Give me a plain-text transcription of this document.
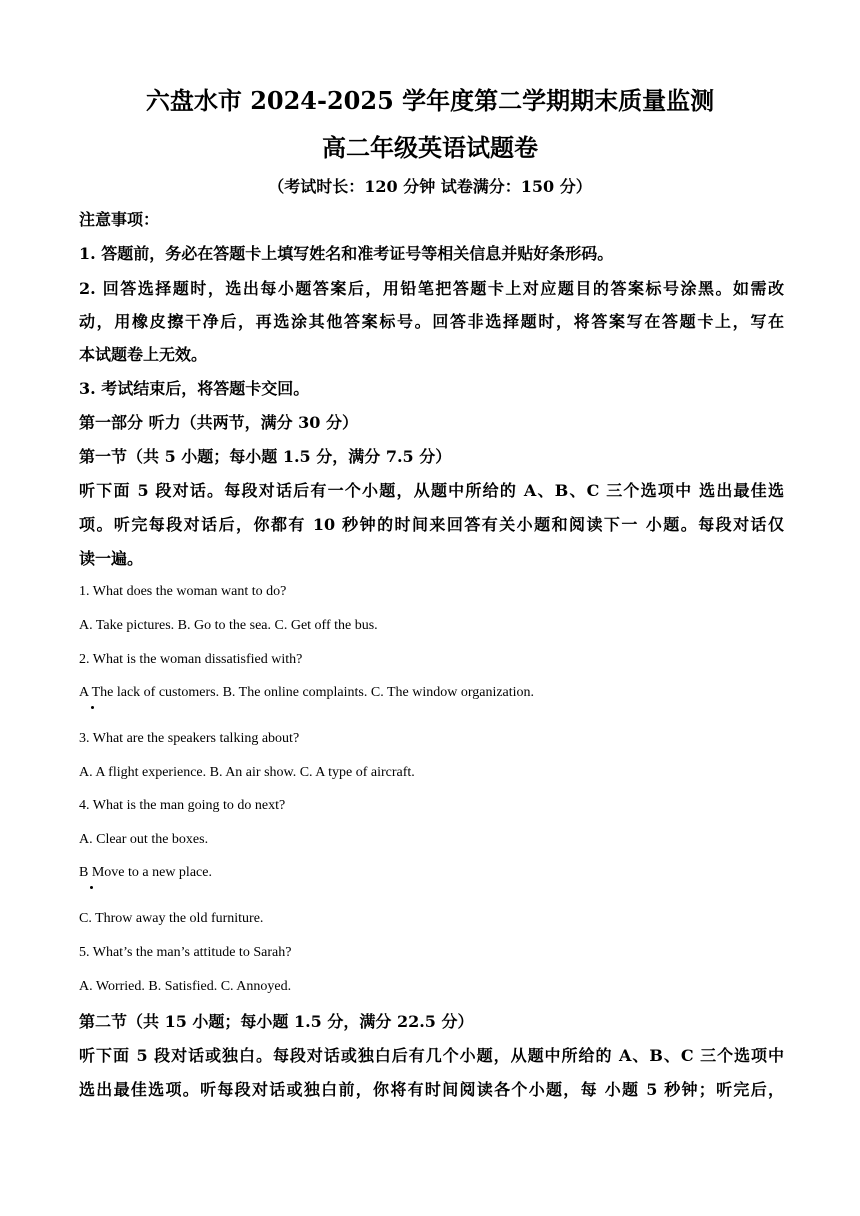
六盘水市 2024-2025 学年度第二学期期末质量监测
高二年级英语试题卷
（考试时长：120 分钟 试卷满分：150 分）
注意事项：
1. 答题前，务必在答题卡上填写姓名和准考证号等相关信息并贴好条形码。
2. 回答选择题时，选出每小题答案后，用铅笔把答题卡上对应题目的答案标号涂黑。如需改
动，用橡皮擦干净后，再选涂其他答案标号。回答非选择题时，将答案写在答题卡上，写在
本试题卷上无效。
3. 考试结束后，将答题卡交回。
第一部分 听力（共两节，满分 30 分）
第一节（共 5 小题；每小题 1.5 分，满分 7.5 分）
听下面 5 段对话。每段对话后有一个小题，从题中所给的 A、B、C 三个选项中 选出最佳选
项。听完每段对话后，你都有 10 秒钟的时间来回答有关小题和阅读下一 小题。每段对话仅
读一遍。
1. What does the woman want to do?
A. Take pictures. B. Go to the sea. C. Get off the bus.
2. What is the woman dissatisfied with?
A The lack of customers. B. The online complaints. C. The window organization.
3. What are the speakers talking about?
A. A flight experience. B. An air show. C. A type of aircraft.
4. What is the man going to do next?
A. Clear out the boxes.
B Move to a new place.
C. Throw away the old furniture.
5. What’s the man’s attitude to Sarah?
A. Worried. B. Satisfied. C. Annoyed.
第二节（共 15 小题；每小题 1.5 分，满分 22.5 分）
听下面 5 段对话或独白。每段对话或独白后有几个小题，从题中所给的 A、B、C 三个选项中
选出最佳选项。听每段对话或独白前，你将有时间阅读各个小题，每 小题 5 秒钟；听完后，
